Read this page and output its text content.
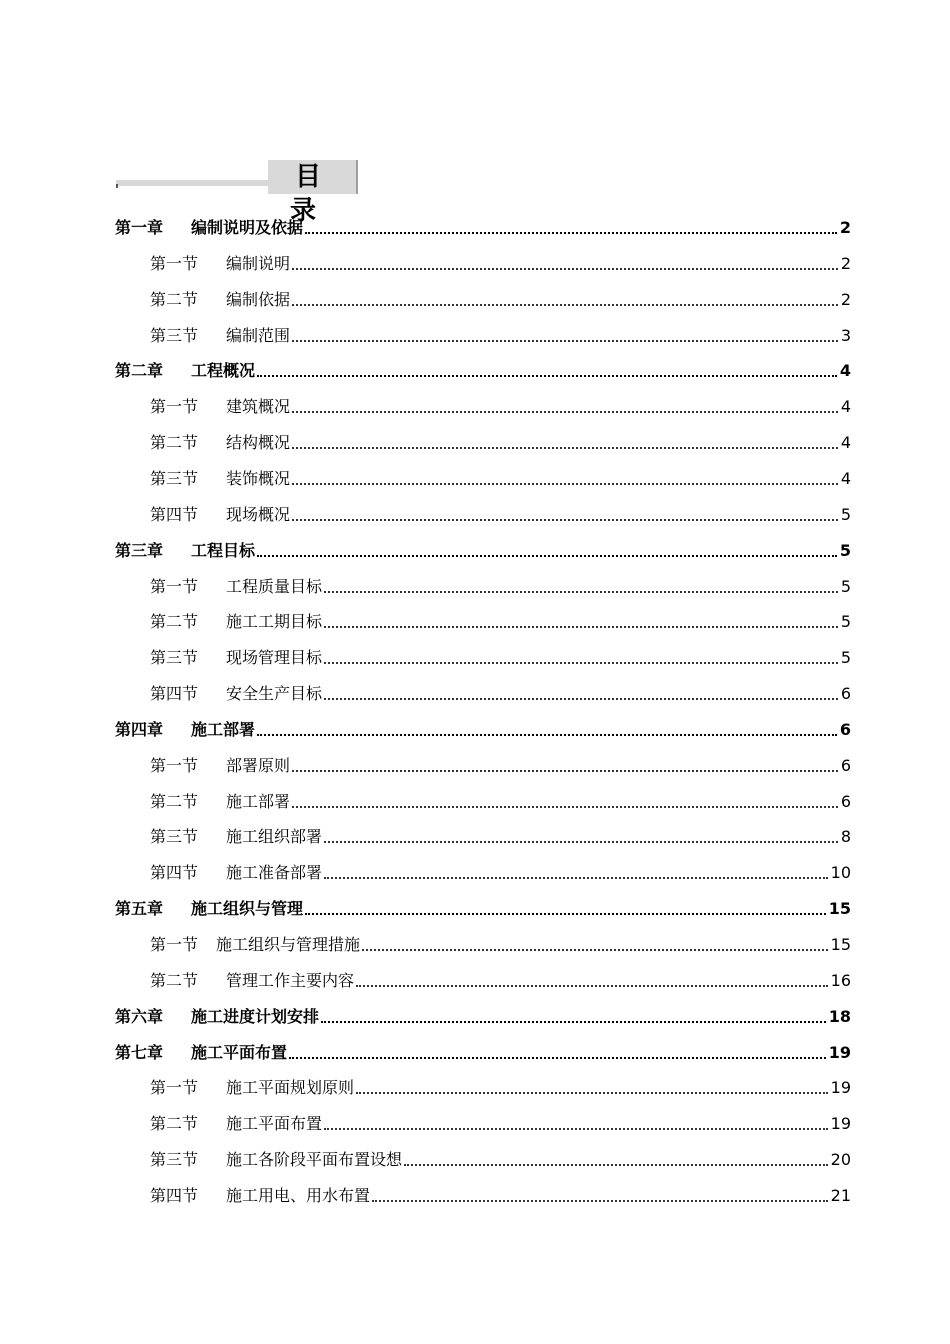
目 录
第一章	编制说明及依据	2
第一节	编制说明	2
第二节	编制依据	2
第三节	编制范围	3
第二章	工程概况	4
第一节	建筑概况	4
第二节	结构概况	4
第三节	装饰概况	4
第四节	现场概况	5
第三章	工程目标	5
第一节	工程质量目标	5
第二节	施工工期目标	5
第三节	现场管理目标	5
第四节	安全生产目标	6
第四章	施工部署	6
第一节	部署原则	6
第二节	施工部署	6
第三节	施工组织部署	8
第四节	施工准备部署	10
第五章	施工组织与管理	15
第一节	施工组织与管理措施	15
第二节	管理工作主要内容	16
第六章	施工进度计划安排	18
第七章	施工平面布置	19
第一节	施工平面规划原则	19
第二节	施工平面布置	19
第三节	施工各阶段平面布置设想	20
第四节	施工用电、用水布置	21
